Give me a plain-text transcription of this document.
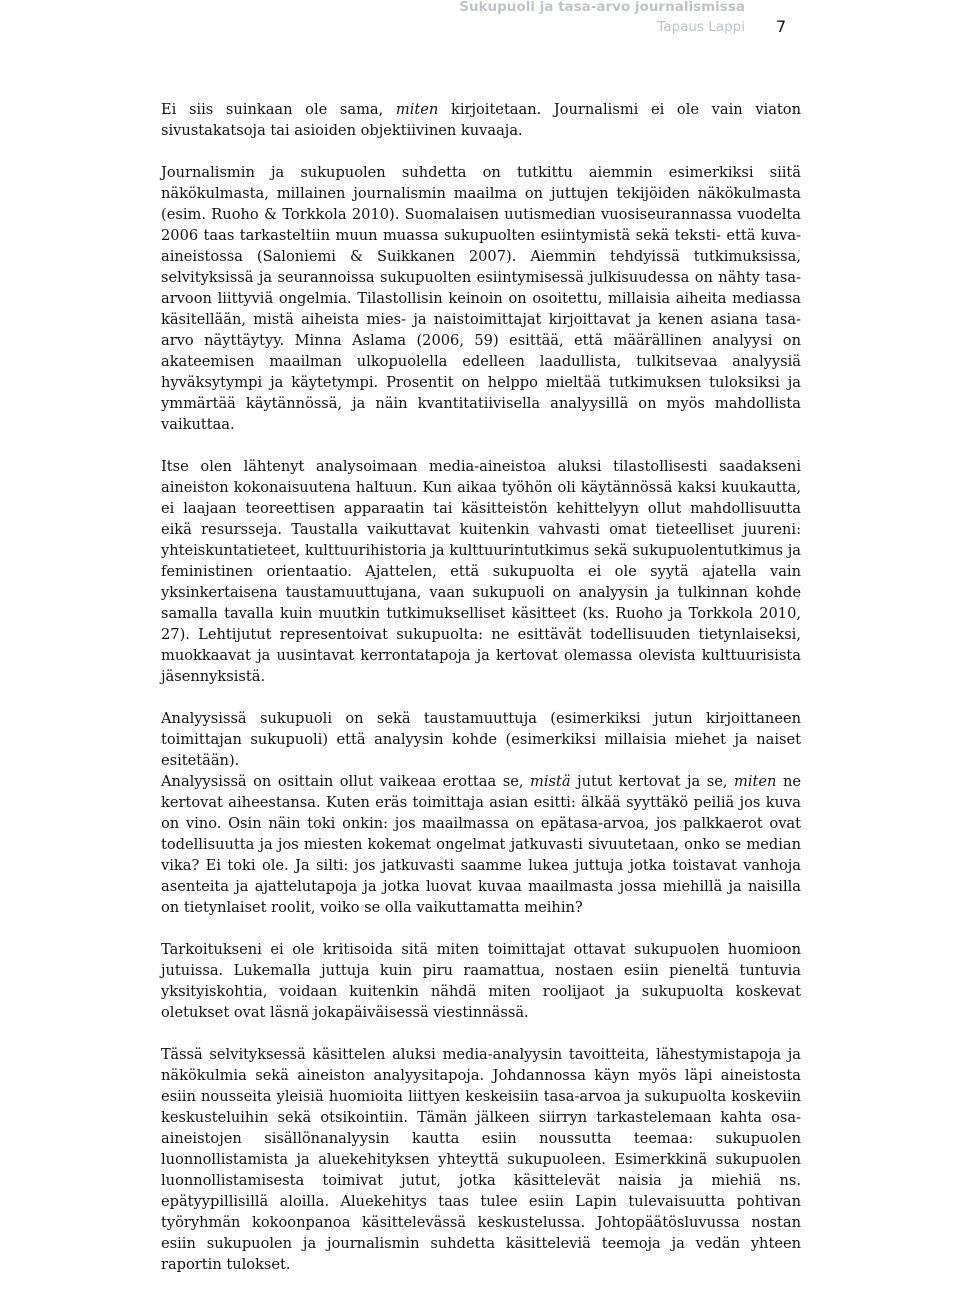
Sukupuoli ja tasa-arvo journalismissa
Tapaus Lappi 7

Ei siis suinkaan ole sama, miten kirjoitetaan. Journalismi ei ole vain viaton sivustakatsoja tai asioiden objektiivinen kuvaaja.

Journalismin ja sukupuolen suhdetta on tutkittu aiemmin esimerkiksi siitä näkökulmasta, millainen journalismin maailma on juttujen tekijöiden näkökulmasta (esim. Ruoho & Torkkola 2010). Suomalaisen uutismedian vuosiseurannassa vuodelta 2006 taas tarkasteltiin muun muassa sukupuolten esiintymistä sekä teksti- että kuva-aineistossa (Saloniemi & Suikkanen 2007). Aiemmin tehdyissä tutkimuksissa, selvityksissä ja seurannoissa sukupuolten esiintymisessä julkisuudessa on nähty tasa-arvoon liittyviä ongelmia. Tilastollisin keinoin on osoitettu, millaisia aiheita mediassa käsitellään, mistä aiheista mies- ja naistoimittajat kirjoittavat ja kenen asiana tasa-arvo näyttäytyy. Minna Aslama (2006, 59) esittää, että määrällinen analyysi on akateemisen maailman ulkopuolella edelleen laadullista, tulkitsevaa analyysiä hyväksytympi ja käytetympi. Prosentit on helppo mieltää tutkimuksen tuloksiksi ja ymmärtää käytännössä, ja näin kvantitatiivisella analyysillä on myös mahdollista vaikuttaa.

Itse olen lähtenyt analysoimaan media-aineistoa aluksi tilastollisesti saadakseni aineiston kokonaisuutena haltuun. Kun aikaa työhön oli käytännössä kaksi kuukautta, ei laajaan teoreettisen apparaatin tai käsitteistön kehittelyyn ollut mahdollisuutta eikä resursseja. Taustalla vaikuttavat kuitenkin vahvasti omat tieteelliset juureni: yhteiskuntatieteet, kulttuurihistoria ja kulttuurintutkimus sekä sukupuolentutkimus ja feministinen orientaatio. Ajattelen, että sukupuolta ei ole syytä ajatella vain yksinkertaisena taustamuuttujana, vaan sukupuoli on analyysin ja tulkinnan kohde samalla tavalla kuin muutkin tutkimukselliset käsitteet (ks. Ruoho ja Torkkola 2010, 27). Lehtijutut representoivat sukupuolta: ne esittävät todellisuuden tietynlaiseksi, muokkaavat ja uusintavat kerrontatapoja ja kertovat olemassa olevista kulttuurisista jäsennyksistä.

Analyysissä sukupuoli on sekä taustamuuttuja (esimerkiksi jutun kirjoittaneen toimittajan sukupuoli) että analyysin kohde (esimerkiksi millaisia miehet ja naiset esitetään).

Analyysissä on osittain ollut vaikeaa erottaa se, mistä jutut kertovat ja se, miten ne kertovat aiheestansa. Kuten eräs toimittaja asian esitti: älkää syyttäkö peiliä jos kuva on vino. Osin näin toki onkin: jos maailmassa on epätasa-arvoa, jos palkkaerot ovat todellisuutta ja jos miesten kokemat ongelmat jatkuvasti sivuutetaan, onko se median vika? Ei toki ole. Ja silti: jos jatkuvasti saamme lukea juttuja jotka toistavat vanhoja asenteita ja ajattelutapoja ja jotka luovat kuvaa maailmasta jossa miehillä ja naisilla on tietynlaiset roolit, voiko se olla vaikuttamatta meihin?

Tarkoitukseni ei ole kritisoida sitä miten toimittajat ottavat sukupuolen huomioon jutuissa. Lukemalla juttuja kuin piru raamattua, nostaen esiin pieneltä tuntuvia yksityiskohtia, voidaan kuitenkin nähdä miten roolijaot ja sukupuolta koskevat oletukset ovat läsnä jokapäiväisessä viestinnässä.

Tässä selvityksessä käsittelen aluksi media-analyysin tavoitteita, lähestymistapoja ja näkökulmia sekä aineiston analyysitapoja. Johdannossa käyn myös läpi aineistosta esiin nousseita yleisiä huomioita liittyen keskeisiin tasa-arvoa ja sukupuolta koskeviin keskusteluihin sekä otsikointiin. Tämän jälkeen siirryn tarkastelemaan kahta osa-aineistojen sisällönanalyysin kautta esiin noussutta teemaa: sukupuolen luonnollistamista ja aluekehityksen yhteyttä sukupuoleen. Esimerkkinä sukupuolen luonnollistamisesta toimivat jutut, jotka käsittelevät naisia ja miehiä ns. epätyypillisillä aloilla. Aluekehitys taas tulee esiin Lapin tulevaisuutta pohtivan työryhmän kokoonpanoa käsittelevässä keskustelussa. Johtopäätösluvussa nostan esiin sukupuolen ja journalismin suhdetta käsitteleviä teemoja ja vedän yhteen raportin tulokset.
